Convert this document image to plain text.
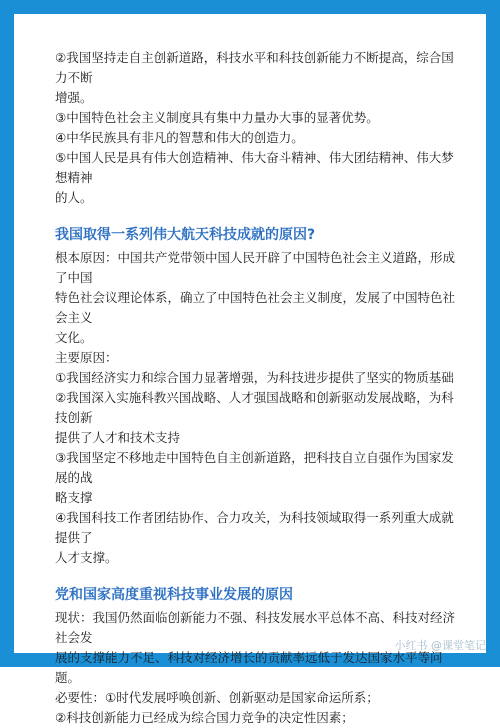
②我国坚持走自主创新道路，科技水平和科技创新能力不断提高，综合国力不断

增强。

③中国特色社会主义制度具有集中力量办大事的显著优势。

④中华民族具有非凡的智慧和伟大的创造力。

⑤中国人民是具有伟大创造精神、伟大奋斗精神、伟大团结精神、伟大梦想精神

的人。

我国取得一系列伟大航天科技成就的原因?

根本原因：中国共产党带领中国人民开辟了中国特色社会主义道路，形成了中国

特色社会议理论体系，确立了中国特色社会主义制度，发展了中国特色社会主义

文化。

主要原因：

①我国经济实力和综合国力显著增强，为科技进步提供了坚实的物质基础

②我国深入实施科教兴国战略、人才强国战略和创新驱动发展战略，为科技创新

提供了人才和技术支持

③我国坚定不移地走中国特色自主创新道路，把科技自立自强作为国家发展的战

略支撑

④我国科技工作者团结协作、合力攻关，为科技领域取得一系列重大成就提供了

人才支撑。

党和国家高度重视科技事业发展的原因

现状：我国仍然面临创新能力不强、科技发展水平总体不高、科技对经济社会发

展的支撑能力不足、科技对经济增长的贡献率远低于发达国家水平等问题。

必要性：①时代发展呼唤创新、创新驱动是国家命运所系；

②科技创新能力已经成为综合国力竞争的决定性因素；

小红书 @课堂笔记
